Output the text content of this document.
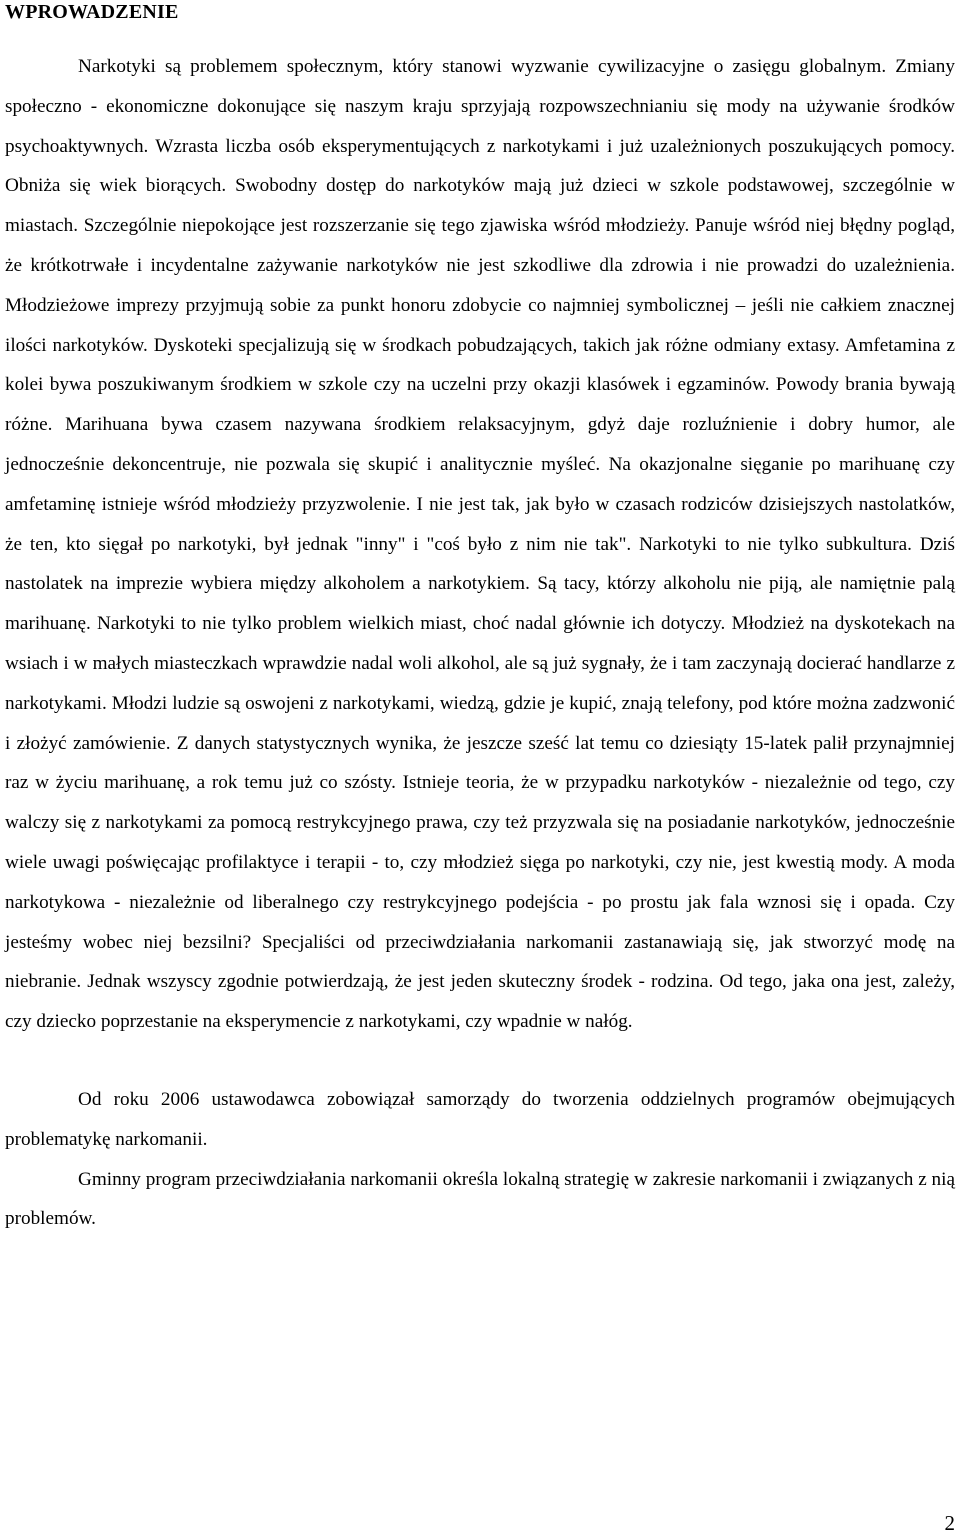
WPROWADZENIE

Narkotyki są problemem społecznym, który stanowi wyzwanie cywilizacyjne o zasięgu globalnym. Zmiany społeczno - ekonomiczne dokonujące się naszym kraju sprzyjają rozpowszechnianiu się mody na używanie środków psychoaktywnych. Wzrasta liczba osób eksperymentujących z narkotykami i już uzależnionych poszukujących pomocy. Obniża się wiek biorących. Swobodny dostęp do narkotyków mają już dzieci w szkole podstawowej, szczególnie w miastach. Szczególnie niepokojące jest rozszerzanie się tego zjawiska wśród młodzieży. Panuje wśród niej błędny pogląd, że krótkotrwałe i incydentalne zażywanie narkotyków nie jest szkodliwe dla zdrowia i nie prowadzi do uzależnienia. Młodzieżowe imprezy przyjmują sobie za punkt honoru zdobycie co najmniej symbolicznej – jeśli nie całkiem znacznej ilości narkotyków. Dyskoteki specjalizują się w środkach pobudzających, takich jak różne odmiany extasy. Amfetamina z kolei bywa poszukiwanym środkiem w szkole czy na uczelni przy okazji klasówek i egzaminów. Powody brania bywają różne. Marihuana bywa czasem nazywana środkiem relaksacyjnym, gdyż daje rozluźnienie i dobry humor, ale jednocześnie dekoncentruje, nie pozwala się skupić i analitycznie myśleć. Na okazjonalne sięganie po marihuanę czy amfetaminę istnieje wśród młodzieży przyzwolenie. I nie jest tak, jak było w czasach rodziców dzisiejszych nastolatków, że ten, kto sięgał po narkotyki, był jednak "inny" i "coś było z nim nie tak". Narkotyki to nie tylko subkultura. Dziś nastolatek na imprezie wybiera między alkoholem a narkotykiem. Są tacy, którzy alkoholu nie piją, ale namiętnie palą marihuanę. Narkotyki to nie tylko problem wielkich miast, choć nadal głównie ich dotyczy. Młodzież na dyskotekach na wsiach i w małych miasteczkach wprawdzie nadal woli alkohol, ale są już sygnały, że i tam zaczynają docierać handlarze z narkotykami. Młodzi ludzie są oswojeni z narkotykami, wiedzą, gdzie je kupić, znają telefony, pod które można zadzwonić i złożyć zamówienie. Z danych statystycznych wynika, że jeszcze sześć lat temu co dziesiąty 15-latek palił przynajmniej raz w życiu marihuanę, a rok temu już co szósty. Istnieje teoria, że w przypadku narkotyków - niezależnie od tego, czy walczy się z narkotykami za pomocą restrykcyjnego prawa, czy też przyzwala się na posiadanie narkotyków, jednocześnie wiele uwagi poświęcając profilaktyce i terapii - to, czy młodzież sięga po narkotyki, czy nie, jest kwestią mody. A moda narkotykowa - niezależnie od liberalnego czy restrykcyjnego podejścia - po prostu jak fala wznosi się i opada. Czy jesteśmy wobec niej bezsilni? Specjaliści od przeciwdziałania narkomanii zastanawiają się, jak stworzyć modę na niebranie. Jednak wszyscy zgodnie potwierdzają, że jest jeden skuteczny środek - rodzina. Od tego, jaka ona jest, zależy, czy dziecko poprzestanie na eksperymencie z narkotykami, czy wpadnie w nałóg.

Od roku 2006 ustawodawca zobowiązał samorządy do tworzenia oddzielnych programów obejmujących problematykę narkomanii.

Gminny program przeciwdziałania narkomanii określa lokalną strategię w zakresie narkomanii i związanych z nią problemów.

2
